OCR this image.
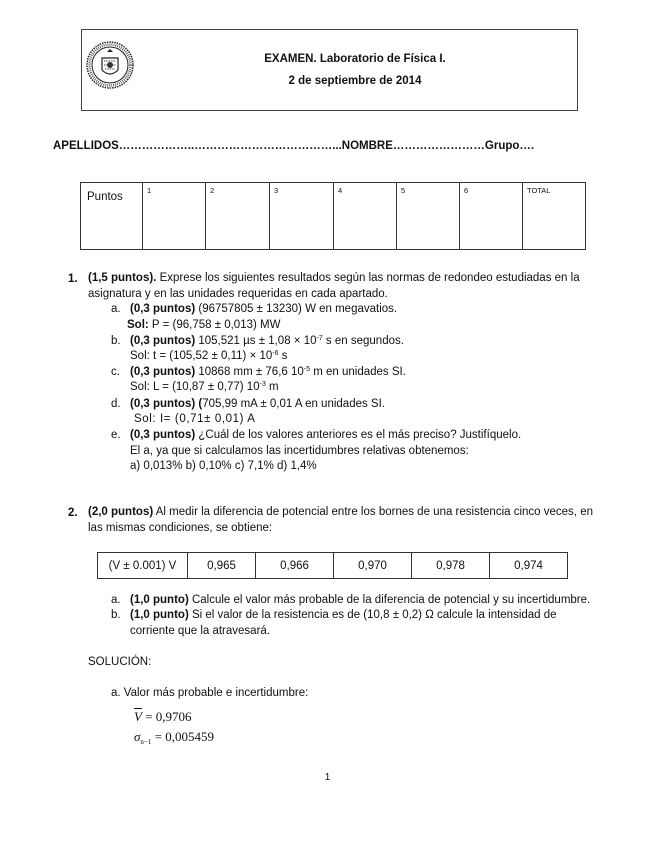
EXAMEN. Laboratorio de Física I.
2 de septiembre de 2014
APELLIDOS………………..………………………………...NOMBRE……………………Grupo….
Puntos	1	2	3	4	5	6	TOTAL
1. (1,5 puntos). Exprese los siguientes resultados según las normas de redondeo estudiadas en la
asignatura y en las unidades requeridas en cada apartado.
a. (0,3 puntos) (96757805 ± 13230) W en megavatios.
Sol: P = (96,758 ± 0,013) MW
b. (0,3 puntos) 105,521 $\mu s \pm 1,08 \times 10^{-7}$ s en segundos.
Sol: $t = (105,52 \pm 0,11) \times 10^{-6}$ s
c. (0,3 puntos) 10868 mm ± 76,6 $10^{-5}$ m en unidades SI.
Sol: L = (10,87 ± 0,77) $10^{-3}$ m
d. (0,3 puntos) (705,99 mA ± 0,01 A en unidades SI.
Sol: I= (0,71± 0,01) A
e. (0,3 puntos) ¿Cuál de los valores anteriores es el más preciso? Justifíquelo.
El a, ya que si calculamos las incertidumbres relativas obtenemos:
a) 0,013% b) 0,10% c) 7,1% d) 1,4%
2. (2,0 puntos) Al medir la diferencia de potencial entre los bornes de una resistencia cinco veces, en
las mismas condiciones, se obtiene:
(V ± 0.001) V	0,965	0,966	0,970	0,978	0,974
a. (1,0 punto) Calcule el valor más probable de la diferencia de potencial y su incertidumbre.
b. (1,0 punto) Si el valor de la resistencia es de (10,8 ± 0,2) Ω calcule la intensidad de
corriente que la atravesará.
SOLUCIÓN:
a. Valor más probable e incertidumbre:
$\overline{V} = 0,9706$
$\sigma_{n-1} = 0,005459$
1
